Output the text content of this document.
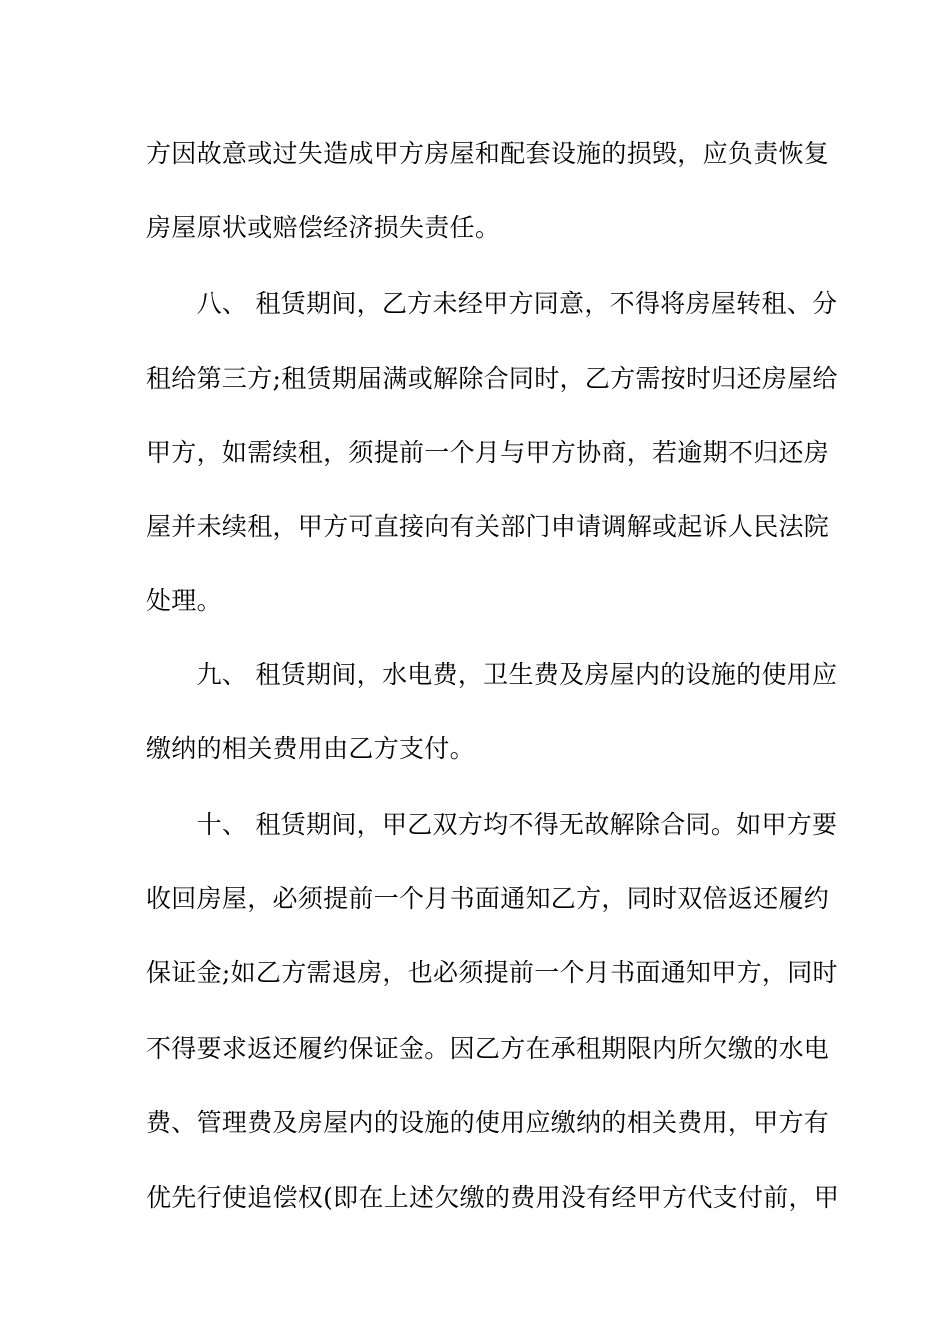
方因故意或过失造成甲方房屋和配套设施的损毁，应负责恢复
房屋原状或赔偿经济损失责任。
　　八、 租赁期间，乙方未经甲方同意，不得将房屋转租、分
租给第三方;租赁期届满或解除合同时，乙方需按时归还房屋给
甲方，如需续租，须提前一个月与甲方协商，若逾期不归还房
屋并未续租，甲方可直接向有关部门申请调解或起诉人民法院
处理。
　　九、 租赁期间，水电费，卫生费及房屋内的设施的使用应
缴纳的相关费用由乙方支付。
　　十、 租赁期间，甲乙双方均不得无故解除合同。如甲方要
收回房屋，必须提前一个月书面通知乙方，同时双倍返还履约
保证金;如乙方需退房，也必须提前一个月书面通知甲方，同时
不得要求返还履约保证金。因乙方在承租期限内所欠缴的水电
费、管理费及房屋内的设施的使用应缴纳的相关费用，甲方有
优先行使追偿权(即在上述欠缴的费用没有经甲方代支付前，甲
